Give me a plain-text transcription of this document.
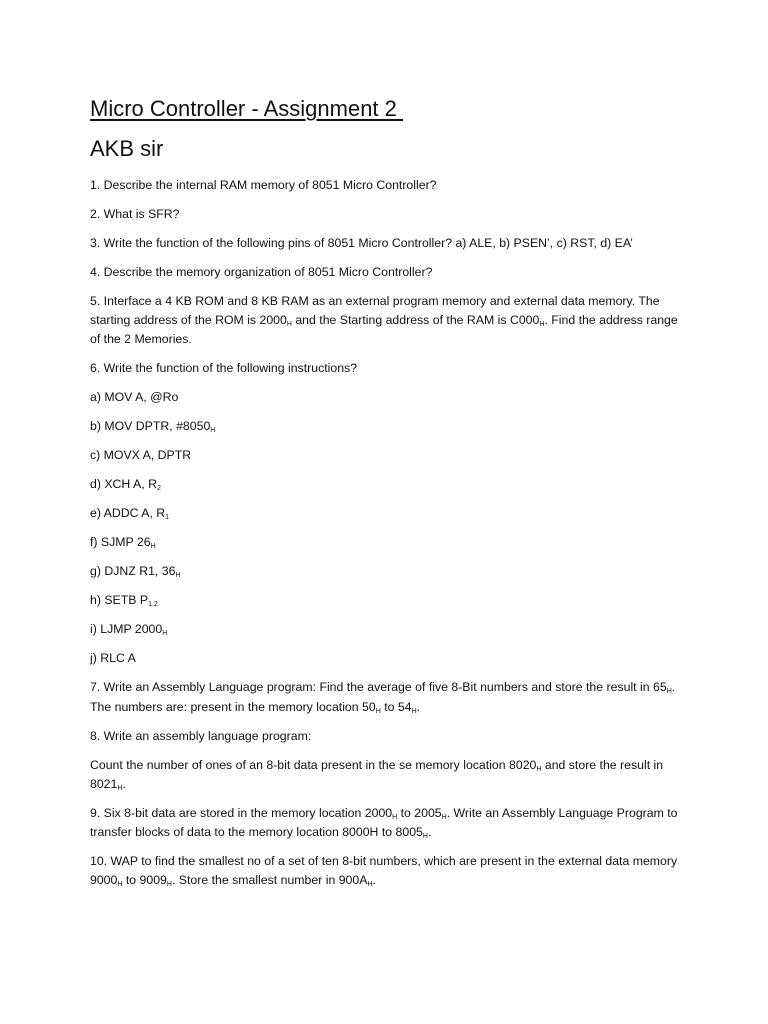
Micro Controller - Assignment 2
AKB sir

1. Describe the internal RAM memory of 8051 Micro Controller?

2. What is SFR?

3. Write the function of the following pins of 8051 Micro Controller? a) ALE, b) PSEN’, c) RST, d) EA’

4. Describe the memory organization of 8051 Micro Controller?

5. Interface a 4 KB ROM and 8 KB RAM as an external program memory and external data memory. The starting address of the ROM is $2000_H$ and the Starting address of the RAM is $C000_H$. Find the address range of the 2 Memories.

6. Write the function of the following instructions?

a) MOV A, @Ro

b) MOV DPTR, $\#8050_H$

c) MOVX A, DPTR

d) XCH A, $R_2$

e) ADDC A, $R_1$

f) SJMP $26_H$

g) DJNZ R1, $36_H$

h) SETB $P_{1.2}$

i) LJMP $2000_H$

j) RLC A

7. Write an Assembly Language program: Find the average of five 8-Bit numbers and store the result in $65_H$. The numbers are: present in the memory location $50_H$ to $54_H$.

8. Write an assembly language program:

Count the number of ones of an 8-bit data present in the se memory location $8020_H$ and store the result in $8021_H$.

9. Six 8-bit data are stored in the memory location $2000_H$ to $2005_H$. Write an Assembly Language Program to transfer blocks of data to the memory location 8000H to $8005_H$.

10. WAP to find the smallest no of a set of ten 8-bit numbers, which are present in the external data memory $9000_H$ to $9009_H$. Store the smallest number in $900A_H$.
